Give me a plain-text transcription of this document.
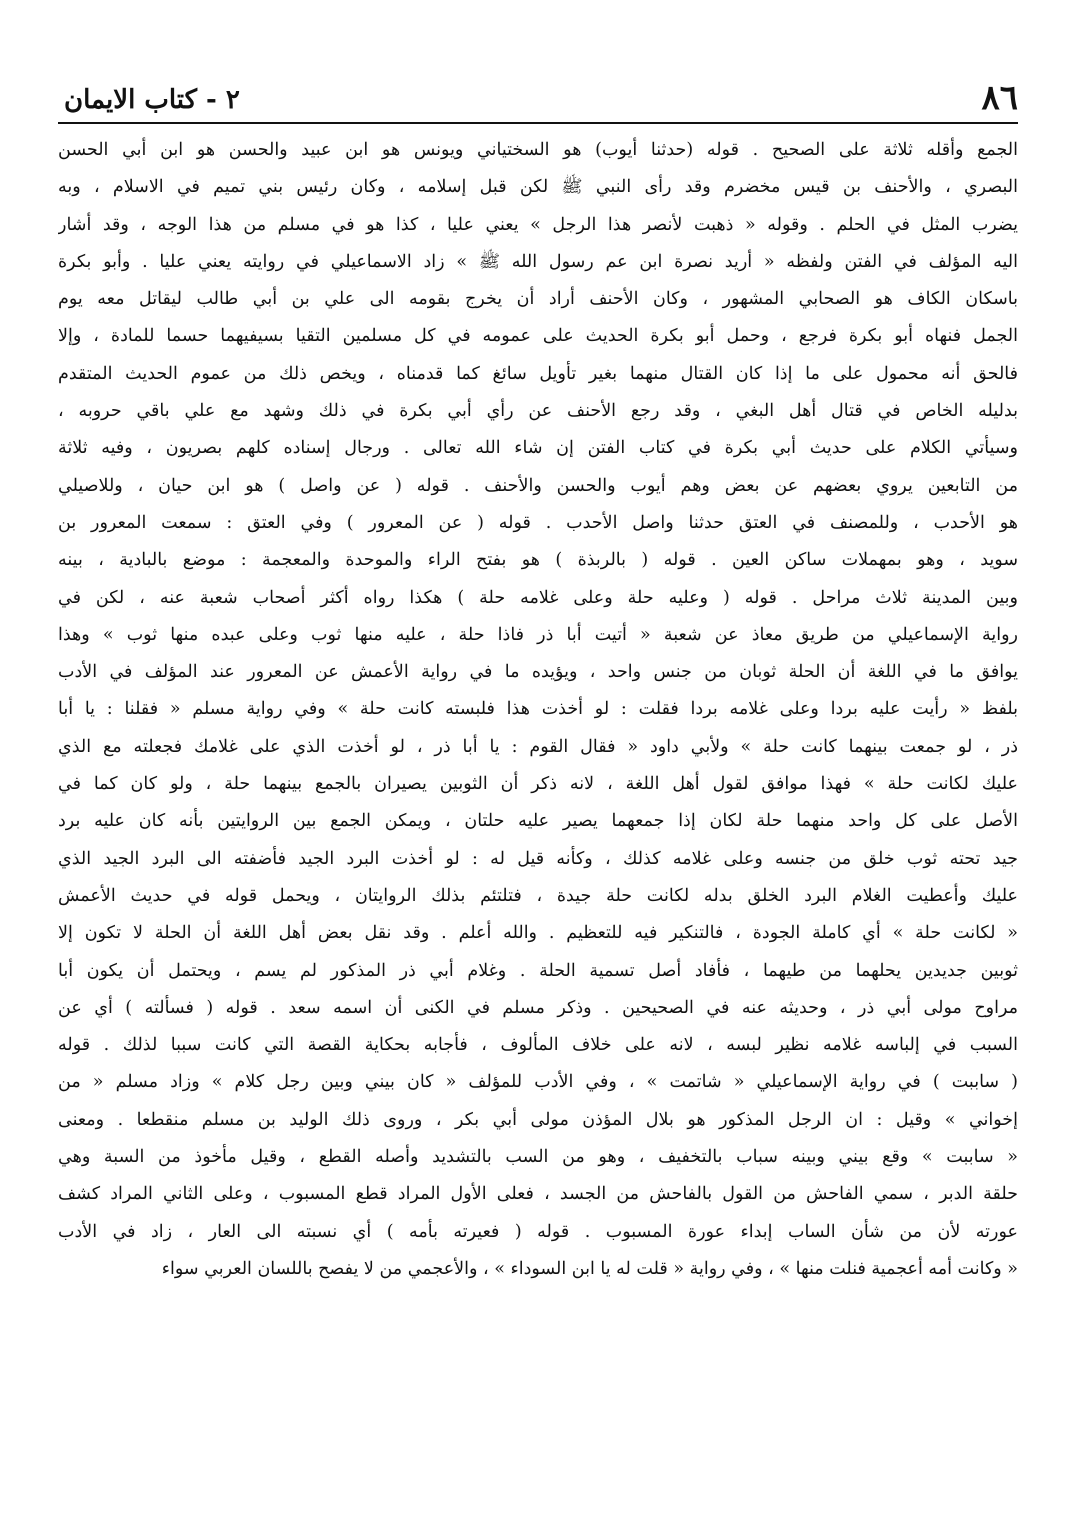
٨٦
٢ - كتاب الايمان
الجمع وأقله ثلاثة على الصحيح . قوله (حدثنا أيوب) هو السختياني ويونس هو ابن عبيد والحسن هو ابن أبي الحسن
البصري ، والأحنف بن قيس مخضرم وقد رأى النبي ﷺ لكن قبل إسلامه ، وكان رئيس بني تميم في الاسلام ، وبه
يضرب المثل في الحلم . وقوله « ذهبت لأنصر هذا الرجل » يعني عليا ، كذا هو في مسلم من هذا الوجه ، وقد أشار
اليه المؤلف في الفتن ولفظه « أريد نصرة ابن عم رسول الله ﷺ » زاد الاسماعيلي في روايته يعني عليا . وأبو بكرة
باسكان الكاف هو الصحابي المشهور ، وكان الأحنف أراد أن يخرج بقومه الى علي بن أبي طالب ليقاتل معه يوم
الجمل فنهاه أبو بكرة فرجع ، وحمل أبو بكرة الحديث على عمومه في كل مسلمين التقيا بسيفيهما حسما للمادة ، وإلا
فالحق أنه محمول على ما إذا كان القتال منهما بغير تأويل سائغ كما قدمناه ، ويخص ذلك من عموم الحديث المتقدم
بدليله الخاص في قتال أهل البغي ، وقد رجع الأحنف عن رأي أبي بكرة في ذلك وشهد مع علي باقي حروبه ،
وسيأتي الكلام على حديث أبي بكرة في كتاب الفتن إن شاء الله تعالى . ورجال إسناده كلهم بصريون ، وفيه ثلاثة
من التابعين يروي بعضهم عن بعض وهم أيوب والحسن والأحنف . قوله ( عن واصل ) هو ابن حيان ، وللاصيلي
هو الأحدب ، وللمصنف في العتق حدثنا واصل الأحدب . قوله ( عن المعرور ) وفي العتق : سمعت المعرور بن
سويد ، وهو بمهملات ساكن العين . قوله ( بالربذة ) هو بفتح الراء والموحدة والمعجمة : موضع بالبادية ، بينه
وبين المدينة ثلاث مراحل . قوله ( وعليه حلة وعلى غلامه حلة ) هكذا رواه أكثر أصحاب شعبة عنه ، لكن في
رواية الإسماعيلي من طريق معاذ عن شعبة « أتيت أبا ذر فاذا حلة ، عليه منها ثوب وعلى عبده منها ثوب » وهذا
يوافق ما في اللغة أن الحلة ثوبان من جنس واحد ، ويؤيده ما في رواية الأعمش عن المعرور عند المؤلف في الأدب
بلفظ « رأيت عليه بردا وعلى غلامه بردا فقلت : لو أخذت هذا فلبسته كانت حلة » وفي رواية مسلم « فقلنا : يا أبا
ذر ، لو جمعت بينهما كانت حلة » ولأبي داود « فقال القوم : يا أبا ذر ، لو أخذت الذي على غلامك فجعلته مع الذي
عليك لكانت حلة » فهذا موافق لقول أهل اللغة ، لانه ذكر أن الثوبين يصيران بالجمع بينهما حلة ، ولو كان كما في
الأصل على كل واحد منهما حلة لكان إذا جمعهما يصير عليه حلتان ، ويمكن الجمع بين الروايتين بأنه كان عليه برد
جيد تحته ثوب خلق من جنسه وعلى غلامه كذلك ، وكأنه قيل له : لو أخذت البرد الجيد فأضفته الى البرد الجيد الذي
عليك وأعطيت الغلام البرد الخلق بدله لكانت حلة جيدة ، فتلتئم بذلك الروايتان ، ويحمل قوله في حديث الأعمش
« لكانت حلة » أي كاملة الجودة ، فالتنكير فيه للتعظيم . والله أعلم . وقد نقل بعض أهل اللغة أن الحلة لا تكون إلا
ثوبين جديدين يحلهما من طيهما ، فأفاد أصل تسمية الحلة . وغلام أبي ذر المذكور لم يسم ، ويحتمل أن يكون أبا
مراوح مولى أبي ذر ، وحديثه عنه في الصحيحين . وذكر مسلم في الكنى أن اسمه سعد . قوله ( فسألته ) أي عن
السبب في إلباسه غلامه نظير لبسه ، لانه على خلاف المألوف ، فأجابه بحكاية القصة التي كانت سببا لذلك . قوله
( ساببت ) في رواية الإسماعيلي « شاتمت » ، وفي الأدب للمؤلف « كان بيني وبين رجل كلام » وزاد مسلم « من
إخواني » وقيل : ان الرجل المذكور هو بلال المؤذن مولى أبي بكر ، وروى ذلك الوليد بن مسلم منقطعا . ومعنى
« ساببت » وقع بيني وبينه سباب بالتخفيف ، وهو من السب بالتشديد وأصله القطع ، وقيل مأخوذ من السبة وهي
حلقة الدبر ، سمي الفاحش من القول بالفاحش من الجسد ، فعلى الأول المراد قطع المسبوب ، وعلى الثاني المراد كشف
عورته لأن من شأن الساب إبداء عورة المسبوب . قوله ( فعيرته بأمه ) أي نسبته الى العار ، زاد في الأدب
« وكانت أمه أعجمية فنلت منها » ، وفي رواية « قلت له يا ابن السوداء » ، والأعجمي من لا يفصح باللسان العربي سواء
